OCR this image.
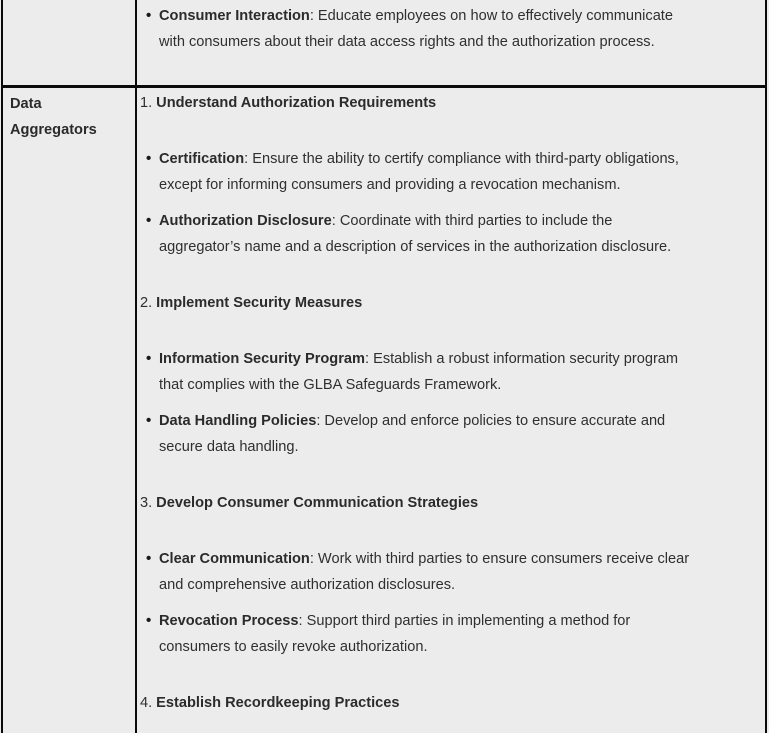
• Consumer Interaction: Educate employees on how to effectively communicate
with consumers about their data access rights and the authorization process.
Data Aggregators
1. Understand Authorization Requirements
• Certification: Ensure the ability to certify compliance with third-party obligations,
except for informing consumers and providing a revocation mechanism.
• Authorization Disclosure: Coordinate with third parties to include the
aggregator’s name and a description of services in the authorization disclosure.
2. Implement Security Measures
• Information Security Program: Establish a robust information security program
that complies with the GLBA Safeguards Framework.
• Data Handling Policies: Develop and enforce policies to ensure accurate and
secure data handling.
3. Develop Consumer Communication Strategies
• Clear Communication: Work with third parties to ensure consumers receive clear
and comprehensive authorization disclosures.
• Revocation Process: Support third parties in implementing a method for
consumers to easily revoke authorization.
4. Establish Recordkeeping Practices
